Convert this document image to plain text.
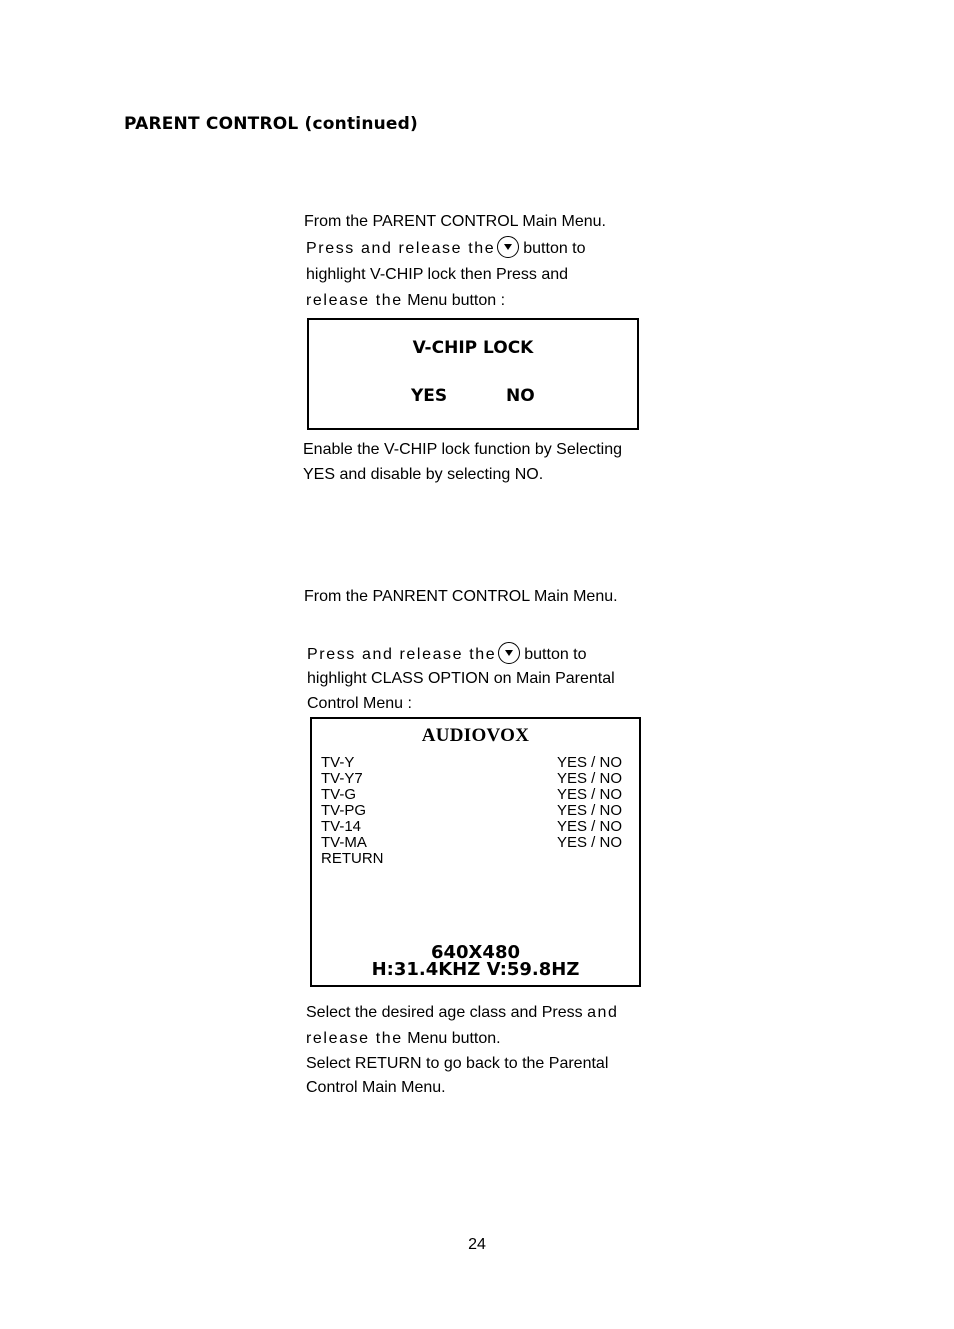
PARENT CONTROL (continued)
From the PARENT CONTROL Main Menu.
Press and release the button to
highlight V-CHIP lock then Press and
release the Menu button :
V-CHIP LOCK
YES	NO
Enable the V-CHIP lock function by Selecting
YES and disable by selecting NO.
From the PANRENT CONTROL Main Menu.
Press and release the button to
highlight CLASS OPTION on Main Parental
Control Menu :
AUDIOVOX
TV-Y	YES / NO
TV-Y7	YES / NO
TV-G	YES / NO
TV-PG	YES / NO
TV-14	YES / NO
TV-MA	YES / NO
RETURN
640X480
H:31.4KHZ V:59.8HZ
Select the desired age class and Press and
release the Menu button.
Select RETURN to go back to the Parental
Control Main Menu.
24
